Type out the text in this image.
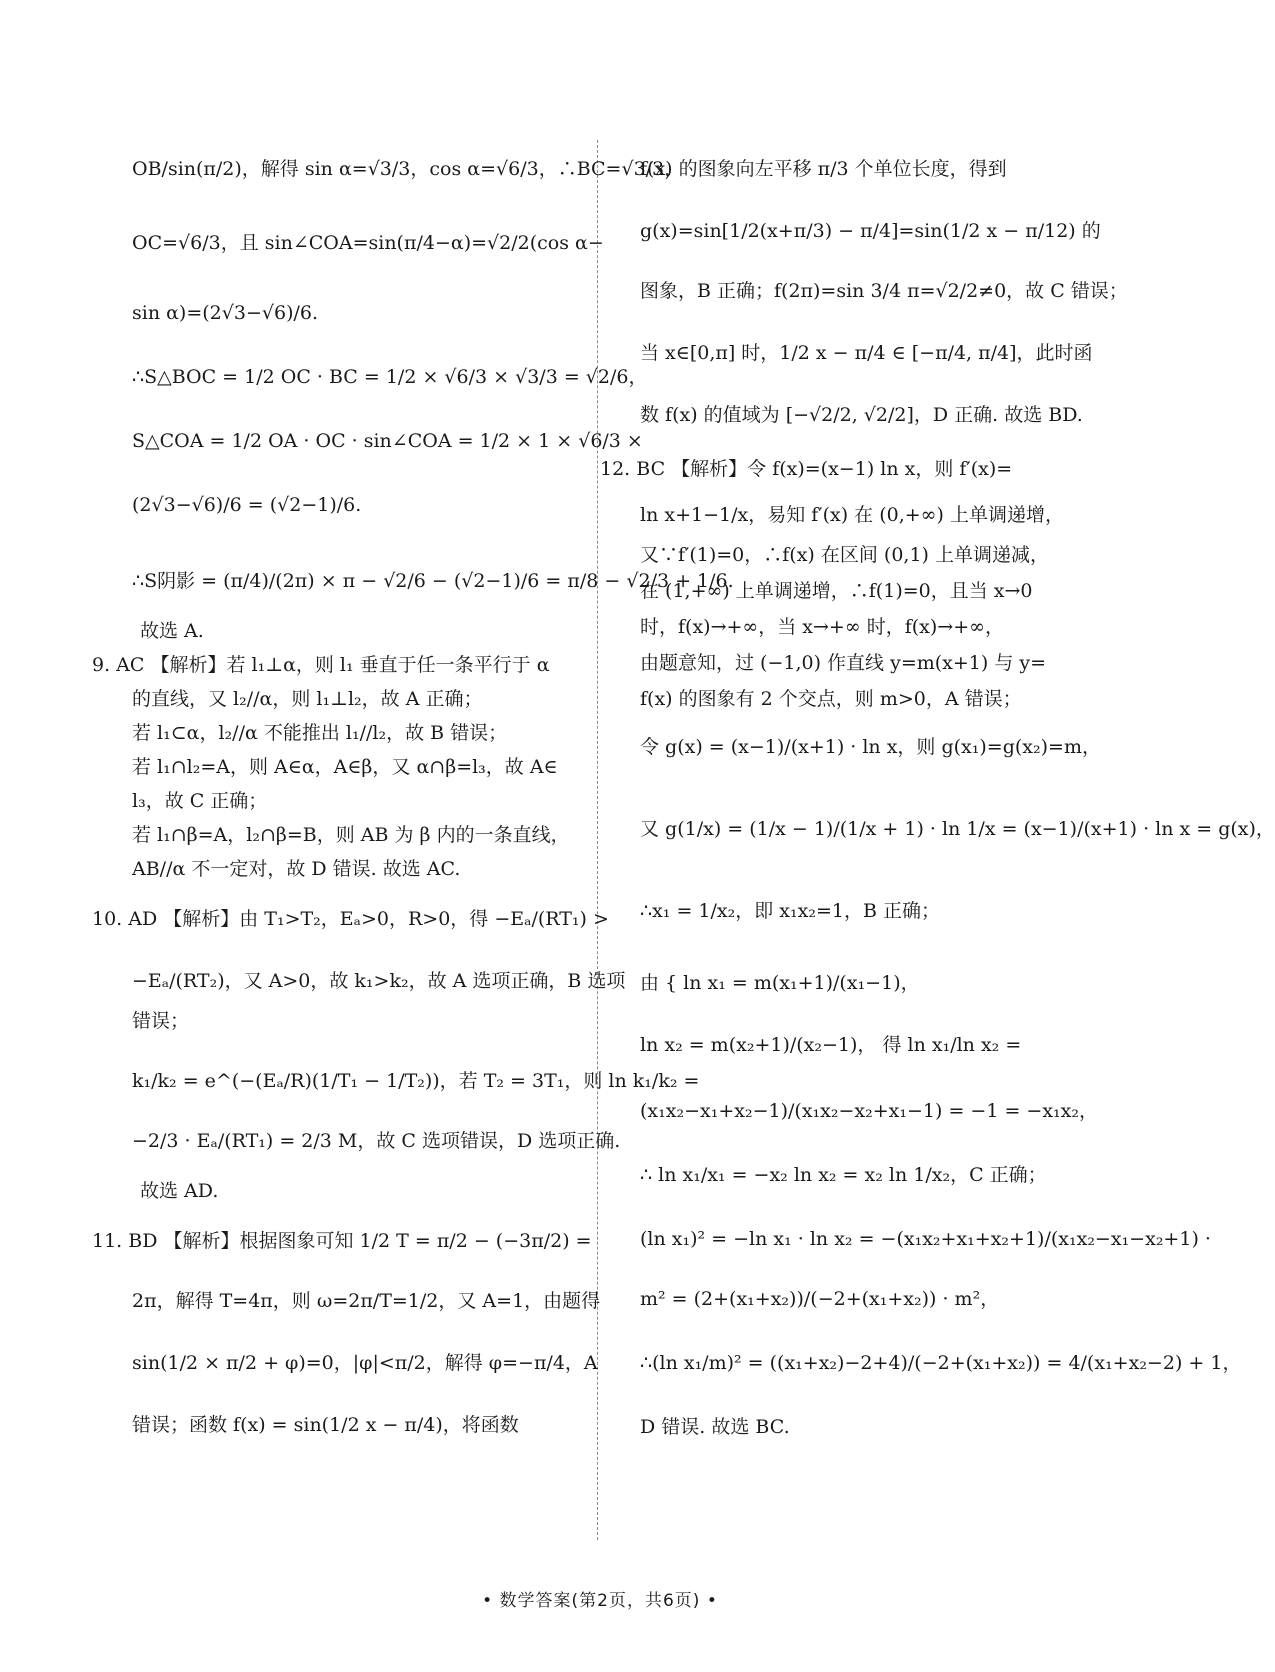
OB/sin(π/2)，解得 sin α=√3/3，cos α=√6/3，∴BC=√3/3，
OC=√6/3，且 sin∠COA=sin(π/4−α)=√2/2(cos α−
sin α)=(2√3−√6)/6.
∴S△BOC = 1/2 OC · BC = 1/2 × √6/3 × √3/3 = √2/6，
S△COA = 1/2 OA · OC · sin∠COA = 1/2 × 1 × √6/3 ×
(2√3−√6)/6 = (√2−1)/6.
∴S阴影 = (π/4)/(2π) × π − √2/6 − (√2−1)/6 = π/8 − √2/3 + 1/6.
故选 A.
9. AC 【解析】若 l₁⊥α，则 l₁ 垂直于任一条平行于 α
的直线，又 l₂//α，则 l₁⊥l₂，故 A 正确；
若 l₁⊂α，l₂//α 不能推出 l₁//l₂，故 B 错误；
若 l₁∩l₂=A，则 A∈α，A∈β，又 α∩β=l₃，故 A∈
l₃，故 C 正确；
若 l₁∩β=A，l₂∩β=B，则 AB 为 β 内的一条直线，
AB//α 不一定对，故 D 错误. 故选 AC.
10. AD 【解析】由 T₁>T₂，Eₐ>0，R>0，得 −Eₐ/(RT₁) >
−Eₐ/(RT₂)，又 A>0，故 k₁>k₂，故 A 选项正确，B 选项
错误；
k₁/k₂ = e^(−(Eₐ/R)(1/T₁ − 1/T₂))，若 T₂ = 3T₁，则 ln k₁/k₂ =
−2/3 · Eₐ/(RT₁) = 2/3 M，故 C 选项错误，D 选项正确.
故选 AD.
11. BD 【解析】根据图象可知 1/2 T = π/2 − (−3π/2) =
2π，解得 T=4π，则 ω=2π/T=1/2，又 A=1，由题得
sin(1/2 × π/2 + φ)=0，|φ|<π/2，解得 φ=−π/4，A
错误；函数 f(x) = sin(1/2 x − π/4)，将函数
f(x) 的图象向左平移 π/3 个单位长度，得到
g(x)=sin[1/2(x+π/3) − π/4]=sin(1/2 x − π/12) 的
图象，B 正确；f(2π)=sin 3/4 π=√2/2≠0，故 C 错误；
当 x∈[0,π] 时，1/2 x − π/4 ∈ [−π/4, π/4]，此时函
数 f(x) 的值域为 [−√2/2, √2/2]，D 正确. 故选 BD.
12. BC 【解析】令 f(x)=(x−1) ln x，则 f′(x)=
ln x+1−1/x，易知 f′(x) 在 (0,+∞) 上单调递增，
又∵f′(1)=0，∴f(x) 在区间 (0,1) 上单调递减，
在 (1,+∞) 上单调递增，∴f(1)=0，且当 x→0
时，f(x)→+∞，当 x→+∞ 时，f(x)→+∞，
由题意知，过 (−1,0) 作直线 y=m(x+1) 与 y=
f(x) 的图象有 2 个交点，则 m>0，A 错误；
令 g(x) = (x−1)/(x+1) · ln x，则 g(x₁)=g(x₂)=m，
又 g(1/x) = (1/x − 1)/(1/x + 1) · ln 1/x = (x−1)/(x+1) · ln x = g(x)，
∴x₁ = 1/x₂，即 x₁x₂=1，B 正确；
由 { ln x₁ = m(x₁+1)/(x₁−1)，
ln x₂ = m(x₂+1)/(x₂−1)， 得 ln x₁/ln x₂ =
(x₁x₂−x₁+x₂−1)/(x₁x₂−x₂+x₁−1) = −1 = −x₁x₂，
∴ ln x₁/x₁ = −x₂ ln x₂ = x₂ ln 1/x₂，C 正确；
(ln x₁)² = −ln x₁ · ln x₂ = −(x₁x₂+x₁+x₂+1)/(x₁x₂−x₁−x₂+1) ·
m² = (2+(x₁+x₂))/(−2+(x₁+x₂)) · m²，
∴(ln x₁/m)² = ((x₁+x₂)−2+4)/(−2+(x₁+x₂)) = 4/(x₁+x₂−2) + 1，
D 错误. 故选 BC.
• 数学答案(第2页，共6页) •
